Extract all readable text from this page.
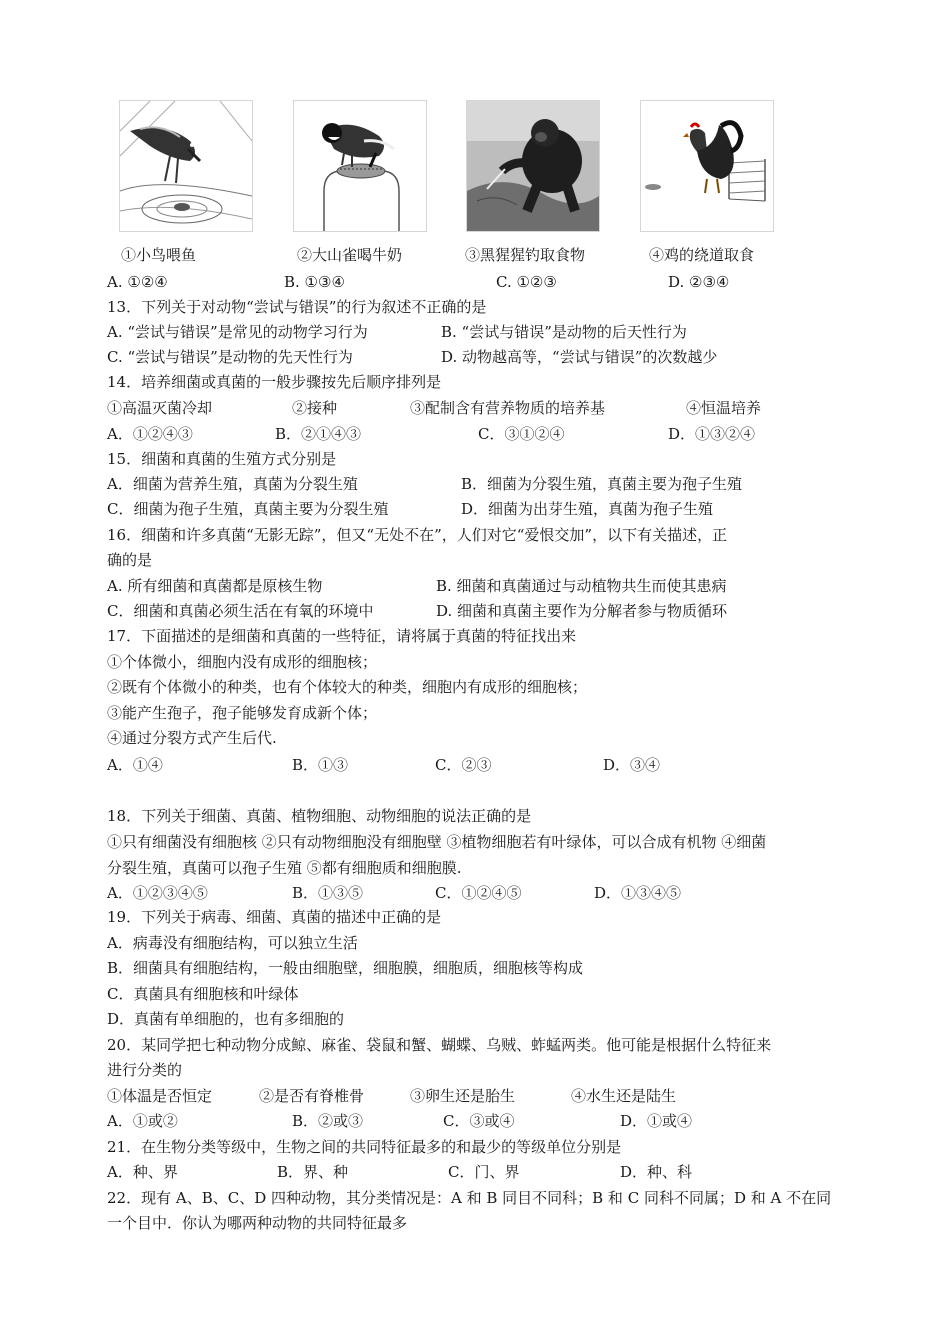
①小鸟喂鱼	②大山雀喝牛奶	③黑猩猩钓取食物	④鸡的绕道取食
A. ①②④	B. ①③④	C. ①②③	D. ②③④
13．下列关于对动物“尝试与错误”的行为叙述不正确的是
A. “尝试与错误”是常见的动物学习行为	B. “尝试与错误”是动物的后天性行为
C. “尝试与错误”是动物的先天性行为	D. 动物越高等，“尝试与错误”的次数越少
14．培养细菌或真菌的一般步骤按先后顺序排列是
①高温灭菌冷却	②接种	③配制含有营养物质的培养基	④恒温培养
A．①②④③	B．②①④③	C．③①②④	D．①③②④
15．细菌和真菌的生殖方式分别是
A．细菌为营养生殖，真菌为分裂生殖	B．细菌为分裂生殖，真菌主要为孢子生殖
C．细菌为孢子生殖，真菌主要为分裂生殖	D．细菌为出芽生殖，真菌为孢子生殖
16．细菌和许多真菌“无影无踪”，但又“无处不在”，人们对它“爱恨交加”，以下有关描述，正
确的是
A. 所有细菌和真菌都是原核生物	B. 细菌和真菌通过与动植物共生而使其患病
C．细菌和真菌必须生活在有氧的环境中	D. 细菌和真菌主要作为分解者参与物质循环
17．下面描述的是细菌和真菌的一些特征，请将属于真菌的特征找出来
①个体微小，细胞内没有成形的细胞核；
②既有个体微小的种类，也有个体较大的种类，细胞内有成形的细胞核；
③能产生孢子，孢子能够发育成新个体；
④通过分裂方式产生后代.
A．①④	B．①③	C．②③	D．③④
18．下列关于细菌、真菌、植物细胞、动物细胞的说法正确的是
①只有细菌没有细胞核 ②只有动物细胞没有细胞壁 ③植物细胞若有叶绿体，可以合成有机物 ④细菌
分裂生殖，真菌可以孢子生殖 ⑤都有细胞质和细胞膜.
A．①②③④⑤	B．①③⑤	C．①②④⑤	D．①③④⑤
19．下列关于病毒、细菌、真菌的描述中正确的是
A．病毒没有细胞结构，可以独立生活
B．细菌具有细胞结构，一般由细胞壁，细胞膜，细胞质，细胞核等构成
C．真菌具有细胞核和叶绿体
D．真菌有单细胞的，也有多细胞的
20．某同学把七种动物分成鲸、麻雀、袋鼠和蟹、蝴蝶、乌贼、蚱蜢两类。他可能是根据什么特征来
进行分类的
①体温是否恒定	②是否有脊椎骨	③卵生还是胎生	④水生还是陆生
A．①或②	B．②或③	C．③或④	D．①或④
21．在生物分类等级中，生物之间的共同特征最多的和最少的等级单位分别是
A．种、界	B．界、种	C．门、界	D．种、科
22．现有 A、B、C、D 四种动物，其分类情况是：A 和 B 同目不同科；B 和 C 同科不同属；D 和 A 不在同
一个目中．你认为哪两种动物的共同特征最多
